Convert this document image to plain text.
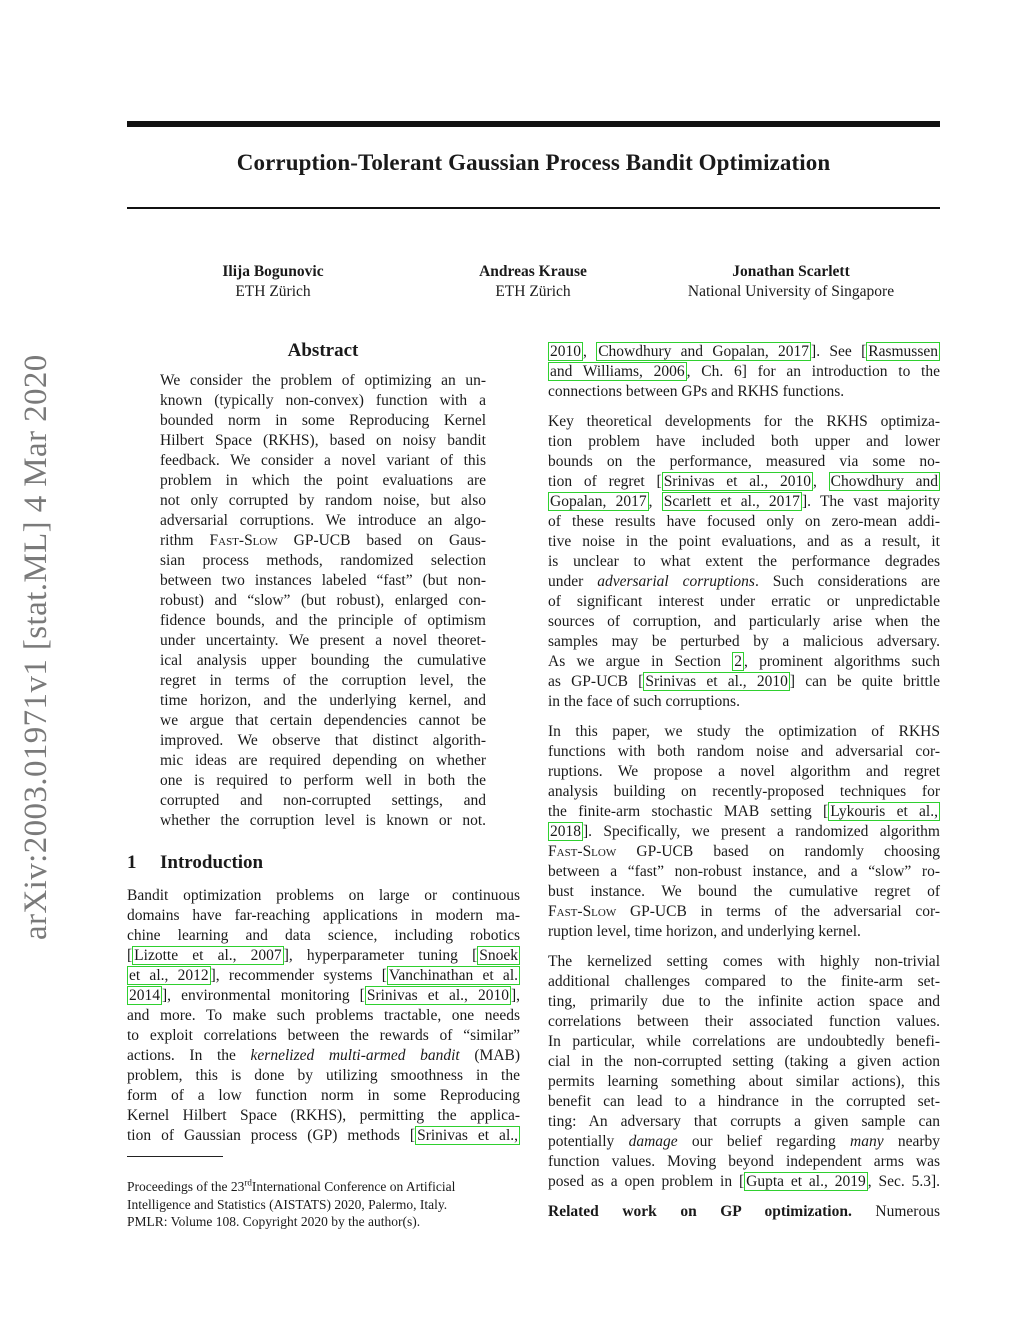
Corruption-Tolerant Gaussian Process Bandit Optimization
arXiv:2003.01971v1 [stat.ML] 4 Mar 2020
Ilija Bogunovic
ETH Zürich
Andreas Krause
ETH Zürich
Jonathan Scarlett
National University of Singapore
Abstract
We consider the problem of optimizing an un-
known (typically non-convex) function with a
bounded norm in some Reproducing Kernel
Hilbert Space (RKHS), based on noisy bandit
feedback. We consider a novel variant of this
problem in which the point evaluations are
not only corrupted by random noise, but also
adversarial corruptions. We introduce an algo-
rithm Fast-Slow GP-UCB based on Gaus-
sian process methods, randomized selection
between two instances labeled “fast” (but non-
robust) and “slow” (but robust), enlarged con-
fidence bounds, and the principle of optimism
under uncertainty. We present a novel theoret-
ical analysis upper bounding the cumulative
regret in terms of the corruption level, the
time horizon, and the underlying kernel, and
we argue that certain dependencies cannot be
improved. We observe that distinct algorith-
mic ideas are required depending on whether
one is required to perform well in both the
corrupted and non-corrupted settings, and
whether the corruption level is known or not.
1 Introduction
Bandit optimization problems on large or continuous
domains have far-reaching applications in modern ma-
chine learning and data science, including robotics
[ Lizotte et al., 2007 ], hyperparameter tuning [ Snoek
et al., 2012 ], recommender systems [ Vanchinathan et al.
2014 ], environmental monitoring [ Srinivas et al., 2010 ],
and more. To make such problems tractable, one needs
to exploit correlations between the rewards of “similar”
actions. In the kernelized multi-armed bandit (MAB)
problem, this is done by utilizing smoothness in the
form of a low function norm in some Reproducing
Kernel Hilbert Space (RKHS), permitting the applica-
tion of Gaussian process (GP) methods [ Srinivas et al.,
Proceedings of the 23rdInternational Conference on Artificial
Intelligence and Statistics (AISTATS) 2020, Palermo, Italy.
PMLR: Volume 108. Copyright 2020 by the author(s).

2010 , Chowdhury and Gopalan, 2017 ]. See [ Rasmussen
and Williams, 2006 , Ch. 6] for an introduction to the
connections between GPs and RKHS functions.

Key theoretical developments for the RKHS optimiza-
tion problem have included both upper and lower
bounds on the performance, measured via some no-
tion of regret [ Srinivas et al., 2010 , Chowdhury and
Gopalan, 2017 , Scarlett et al., 2017 ]. The vast majority
of these results have focused only on zero-mean addi-
tive noise in the point evaluations, and as a result, it
is unclear to what extent the performance degrades
under adversarial corruptions. Such considerations are
of significant interest under erratic or unpredictable
sources of corruption, and particularly arise when the
samples may be perturbed by a malicious adversary.
As we argue in Section 2 , prominent algorithms such
as GP-UCB [ Srinivas et al., 2010 ] can be quite brittle
in the face of such corruptions.

In this paper, we study the optimization of RKHS
functions with both random noise and adversarial cor-
ruptions. We propose a novel algorithm and regret
analysis building on recently-proposed techniques for
the finite-arm stochastic MAB setting [ Lykouris et al.,
2018 ]. Specifically, we present a randomized algorithm
Fast-Slow GP-UCB based on randomly choosing
between a “fast” non-robust instance, and a “slow” ro-
bust instance. We bound the cumulative regret of
Fast-Slow GP-UCB in terms of the adversarial cor-
ruption level, time horizon, and underlying kernel.

The kernelized setting comes with highly non-trivial
additional challenges compared to the finite-arm set-
ting, primarily due to the infinite action space and
correlations between their associated function values.
In particular, while correlations are undoubtedly benefi-
cial in the non-corrupted setting (taking a given action
permits learning something about similar actions), this
benefit can lead to a hindrance in the corrupted set-
ting: An adversary that corrupts a given sample can
potentially damage our belief regarding many nearby
function values. Moving beyond independent arms was
posed as a open problem in [ Gupta et al., 2019 , Sec. 5.3].

Related work on GP optimization. Numerous
